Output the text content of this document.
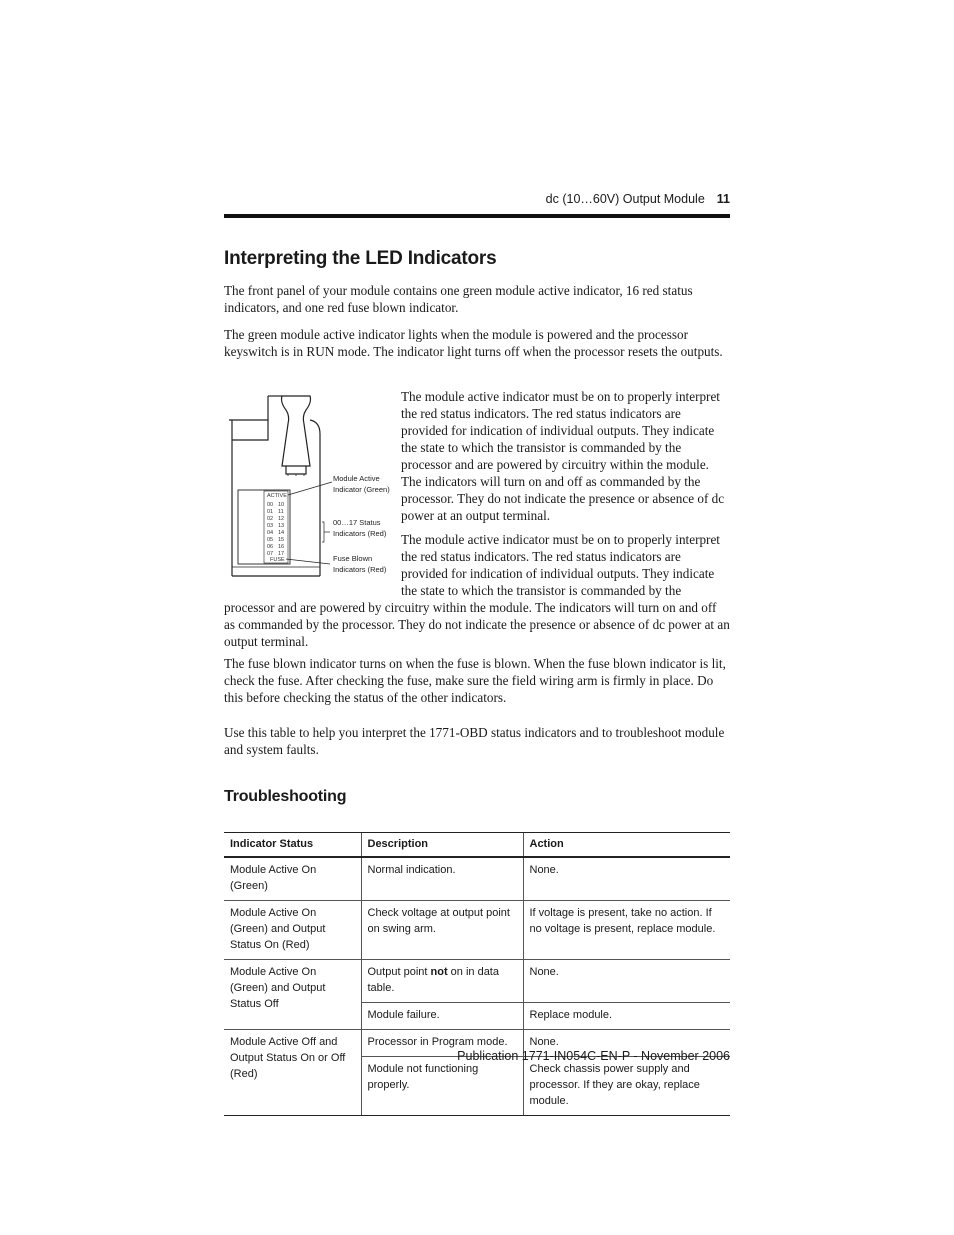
dc (10…60V) Output Module 11
Interpreting the LED Indicators

The front panel of your module contains one green module active indicator, 16 red status indicators, and one red fuse blown indicator.

The green module active indicator lights when the module is powered and the processor keyswitch is in RUN mode. The indicator light turns off when the processor resets the outputs.

The module active indicator must be on to properly interpret the red status indicators. The red status indicators are provided for indication of individual outputs. They indicate the state to which the transistor is commanded by the processor and are powered by circuitry within the module. The indicators will turn on and off as commanded by the processor. They do not indicate the presence or absence of dc power at an output terminal.

The module active indicator must be on to properly interpret the red status indicators. The red status indicators are provided for indication of individual outputs. They indicate the state to which the transistor is commanded by the

processor and are powered by circuitry within the module. The indicators will turn on and off as commanded by the processor. They do not indicate the presence or absence of dc power at an output terminal.

The fuse blown indicator turns on when the fuse is blown. When the fuse blown indicator is lit, check the fuse. After checking the fuse, make sure the field wiring arm is firmly in place. Do this before checking the status of the other indicators.

Use this table to help you interpret the 1771-OBD status indicators and to troubleshoot module and system faults.

ACTIVE
00
01
02
03
04
05
06
07
10
11
12
13
14
15
16
17
FUSE
Module Active
Indicator (Green)
00…17 Status
Indicators (Red)
Fuse Blown
Indicators (Red)
Troubleshooting
Indicator Status	Description	Action
Module Active On (Green)	Normal indication.	None.
Module Active On (Green) and Output Status On (Red)	Check voltage at output point on swing arm.	If voltage is present, take no action. If no voltage is present, replace module.
Module Active On (Green) and Output Status Off	Output point not on in data table.	None.
	Module failure.	Replace module.
Module Active Off and Output Status On or Off (Red)	Processor in Program mode.	None.
	Module not functioning properly.	Check chassis power supply and processor. If they are okay, replace module.
Publication 1771-IN054C-EN-P - November 2006
